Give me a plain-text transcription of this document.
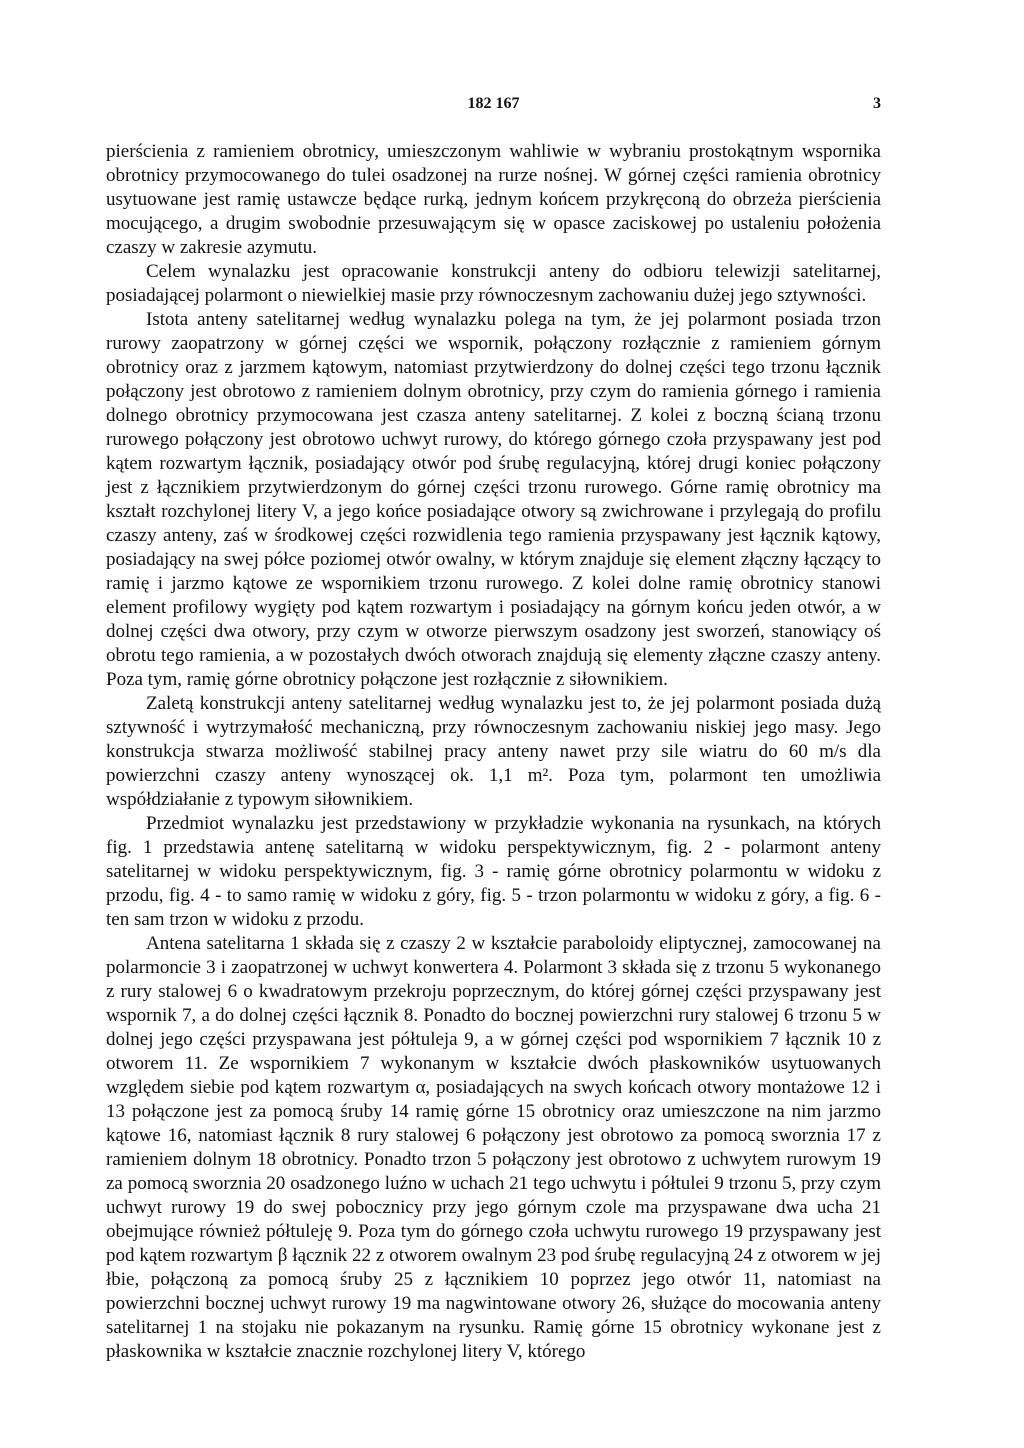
182 167	3

pierścienia z ramieniem obrotnicy, umieszczonym wahliwie w wybraniu prostokątnym wspornika obrotnicy przymocowanego do tulei osadzonej na rurze nośnej. W górnej części ramienia obrotnicy usytuowane jest ramię ustawcze będące rurką, jednym końcem przykręconą do obrzeża pierścienia mocującego, a drugim swobodnie przesuwającym się w opasce zaciskowej po ustaleniu położenia czaszy w zakresie azymutu.

Celem wynalazku jest opracowanie konstrukcji anteny do odbioru telewizji satelitarnej, posiadającej polarmont o niewielkiej masie przy równoczesnym zachowaniu dużej jego sztywności.

Istota anteny satelitarnej według wynalazku polega na tym, że jej polarmont posiada trzon rurowy zaopatrzony w górnej części we wspornik, połączony rozłącznie z ramieniem górnym obrotnicy oraz z jarzmem kątowym, natomiast przytwierdzony do dolnej części tego trzonu łącznik połączony jest obrotowo z ramieniem dolnym obrotnicy, przy czym do ramienia górnego i ramienia dolnego obrotnicy przymocowana jest czasza anteny satelitarnej. Z kolei z boczną ścianą trzonu rurowego połączony jest obrotowo uchwyt rurowy, do którego górnego czoła przyspawany jest pod kątem rozwartym łącznik, posiadający otwór pod śrubę regulacyjną, której drugi koniec połączony jest z łącznikiem przytwierdzonym do górnej części trzonu rurowego. Górne ramię obrotnicy ma kształt rozchylonej litery V, a jego końce posiadające otwory są zwichrowane i przylegają do profilu czaszy anteny, zaś w środkowej części rozwidlenia tego ramienia przyspawany jest łącznik kątowy, posiadający na swej półce poziomej otwór owalny, w którym znajduje się element złączny łączący to ramię i jarzmo kątowe ze wspornikiem trzonu rurowego. Z kolei dolne ramię obrotnicy stanowi element profilowy wygięty pod kątem rozwartym i posiadający na górnym końcu jeden otwór, a w dolnej części dwa otwory, przy czym w otworze pierwszym osadzony jest sworzeń, stanowiący oś obrotu tego ramienia, a w pozostałych dwóch otworach znajdują się elementy złączne czaszy anteny. Poza tym, ramię górne obrotnicy połączone jest rozłącznie z siłownikiem.

Zaletą konstrukcji anteny satelitarnej według wynalazku jest to, że jej polarmont posiada dużą sztywność i wytrzymałość mechaniczną, przy równoczesnym zachowaniu niskiej jego masy. Jego konstrukcja stwarza możliwość stabilnej pracy anteny nawet przy sile wiatru do 60 m/s dla powierzchni czaszy anteny wynoszącej ok. 1,1 m². Poza tym, polarmont ten umożliwia współdziałanie z typowym siłownikiem.

Przedmiot wynalazku jest przedstawiony w przykładzie wykonania na rysunkach, na których fig. 1 przedstawia antenę satelitarną w widoku perspektywicznym, fig. 2 - polarmont anteny satelitarnej w widoku perspektywicznym, fig. 3 - ramię górne obrotnicy polarmontu w widoku z przodu, fig. 4 - to samo ramię w widoku z góry, fig. 5 - trzon polarmontu w widoku z góry, a fig. 6 - ten sam trzon w widoku z przodu.

Antena satelitarna 1 składa się z czaszy 2 w kształcie paraboloidy eliptycznej, zamocowanej na polarmoncie 3 i zaopatrzonej w uchwyt konwertera 4. Polarmont 3 składa się z trzonu 5 wykonanego z rury stalowej 6 o kwadratowym przekroju poprzecznym, do której górnej części przyspawany jest wspornik 7, a do dolnej części łącznik 8. Ponadto do bocznej powierzchni rury stalowej 6 trzonu 5 w dolnej jego części przyspawana jest półtuleja 9, a w górnej części pod wspornikiem 7 łącznik 10 z otworem 11. Ze wspornikiem 7 wykonanym w kształcie dwóch płaskowników usytuowanych względem siebie pod kątem rozwartym α, posiadających na swych końcach otwory montażowe 12 i 13 połączone jest za pomocą śruby 14 ramię górne 15 obrotnicy oraz umieszczone na nim jarzmo kątowe 16, natomiast łącznik 8 rury stalowej 6 połączony jest obrotowo za pomocą sworznia 17 z ramieniem dolnym 18 obrotnicy. Ponadto trzon 5 połączony jest obrotowo z uchwytem rurowym 19 za pomocą sworznia 20 osadzonego luźno w uchach 21 tego uchwytu i półtulei 9 trzonu 5, przy czym uchwyt rurowy 19 do swej pobocznicy przy jego górnym czole ma przyspawane dwa ucha 21 obejmujące również półtuleję 9. Poza tym do górnego czoła uchwytu rurowego 19 przyspawany jest pod kątem rozwartym β łącznik 22 z otworem owalnym 23 pod śrubę regulacyjną 24 z otworem w jej łbie, połączoną za pomocą śruby 25 z łącznikiem 10 poprzez jego otwór 11, natomiast na powierzchni bocznej uchwyt rurowy 19 ma nagwintowane otwory 26, służące do mocowania anteny satelitarnej 1 na stojaku nie pokazanym na rysunku. Ramię górne 15 obrotnicy wykonane jest z płaskownika w kształcie znacznie rozchylonej litery V, którego
